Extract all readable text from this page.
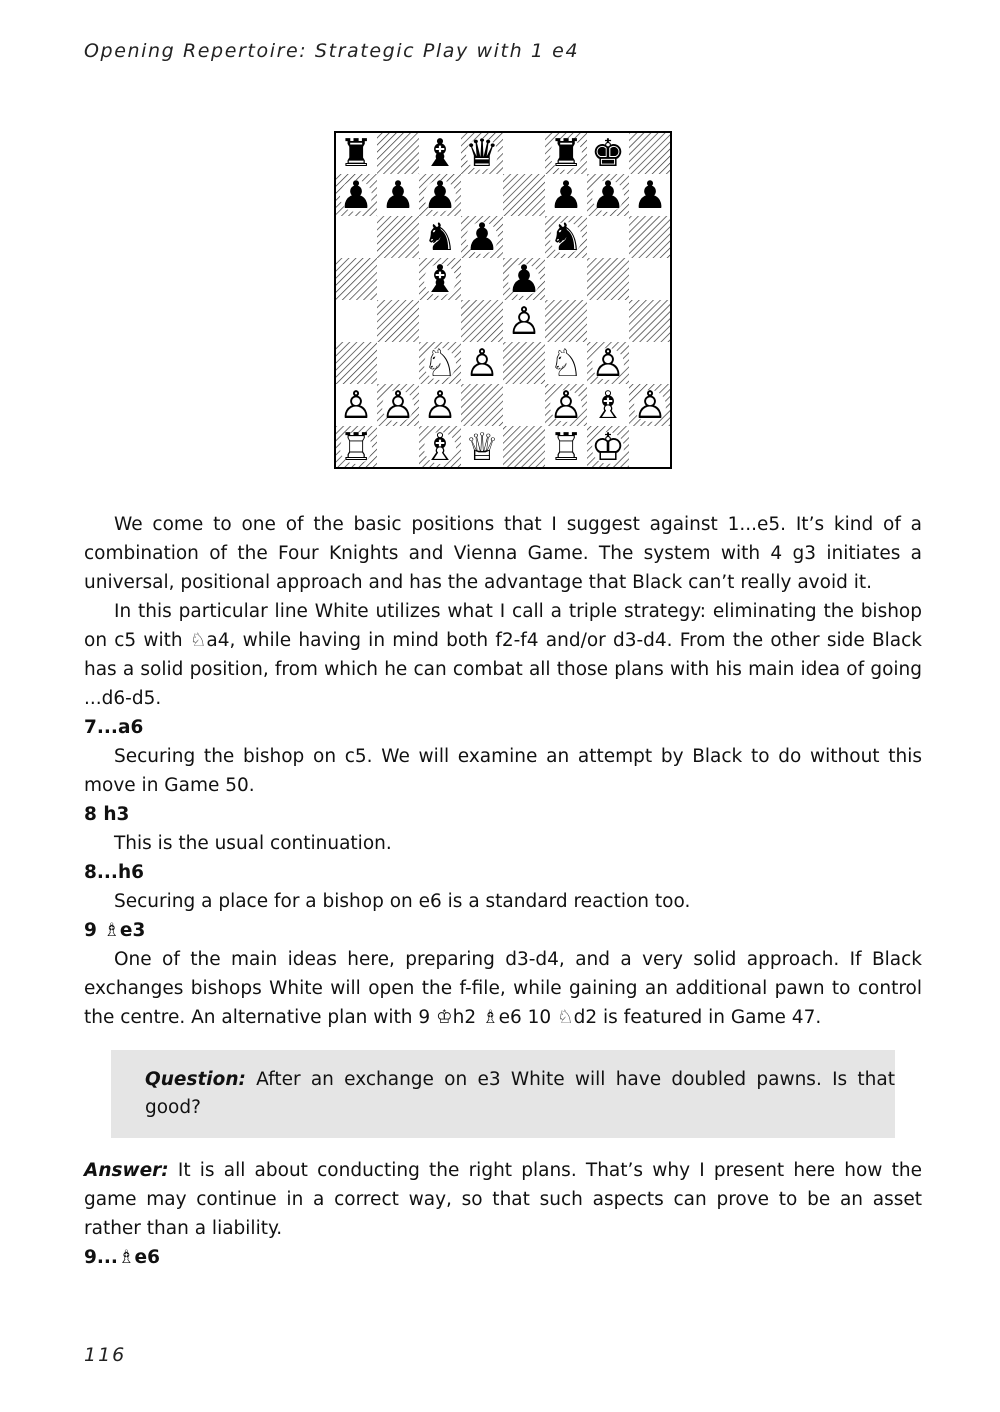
Opening Repertoire: Strategic Play with 1 e4
♜ ♝ ♛ ♜ ♚
♟ ♟ ♟ ♟ ♟ ♟
♞ ♟ ♞
♝ ♟
♙
♘ ♙ ♘ ♙
♙ ♙ ♙ ♙ ♗ ♙
♖ ♗ ♕ ♖ ♔

We come to one of the basic positions that I suggest against 1...e5. It’s kind of a combination of the Four Knights and Vienna Game. The system with 4 g3 initiates a universal, positional approach and has the advantage that Black can’t really avoid it.

In this particular line White utilizes what I call a triple strategy: eliminating the bishop on c5 with ♘a4, while having in mind both f2-f4 and/or d3-d4. From the other side Black has a solid position, from which he can combat all those plans with his main idea of going ...d6-d5.

7...a6

Securing the bishop on c5. We will examine an attempt by Black to do without this move in Game 50.

8 h3

This is the usual continuation.

8...h6

Securing a place for a bishop on e6 is a standard reaction too.

9 ♗e3

One of the main ideas here, preparing d3-d4, and a very solid approach. If Black exchanges bishops White will open the f-file, while gaining an additional pawn to control the centre. An alternative plan with 9 ♔h2 ♗e6 10 ♘d2 is featured in Game 47.

Question: After an exchange on e3 White will have doubled pawns. Is that good?

Answer: It is all about conducting the right plans. That’s why I present here how the game may continue in a correct way, so that such aspects can prove to be an asset rather than a liability.

9...♗e6

116
